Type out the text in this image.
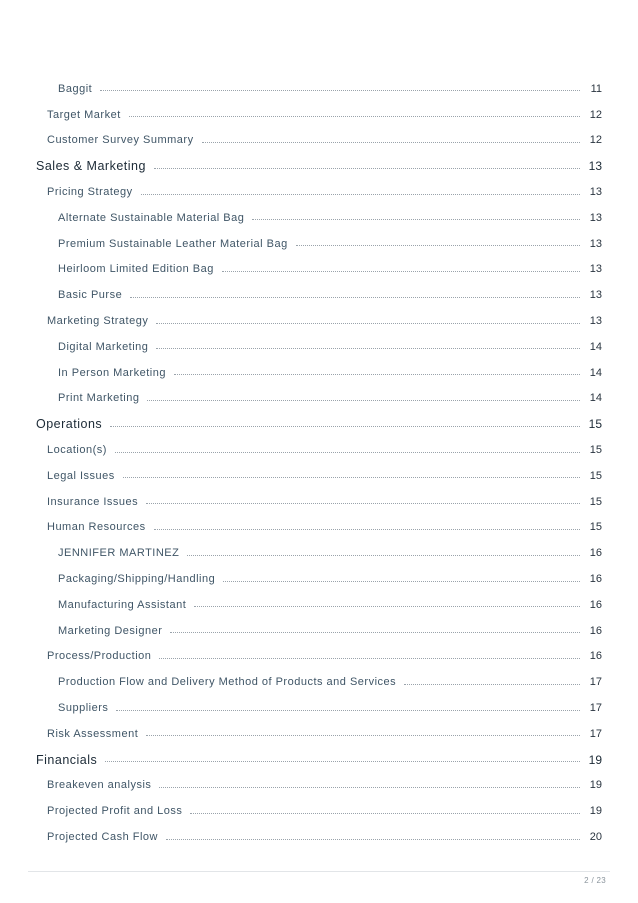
Baggit	11
Target Market	12
Customer Survey Summary	12
Sales & Marketing	13
Pricing Strategy	13
Alternate Sustainable Material Bag	13
Premium Sustainable Leather Material Bag	13
Heirloom Limited Edition Bag	13
Basic Purse	13
Marketing Strategy	13
Digital Marketing	14
In Person Marketing	14
Print Marketing	14
Operations	15
Location(s)	15
Legal Issues	15
Insurance Issues	15
Human Resources	15
JENNIFER MARTINEZ	16
Packaging/Shipping/Handling	16
Manufacturing Assistant	16
Marketing Designer	16
Process/Production	16
Production Flow and Delivery Method of Products and Services	17
Suppliers	17
Risk Assessment	17
Financials	19
Breakeven analysis	19
Projected Profit and Loss	19
Projected Cash Flow	20
2 / 23
